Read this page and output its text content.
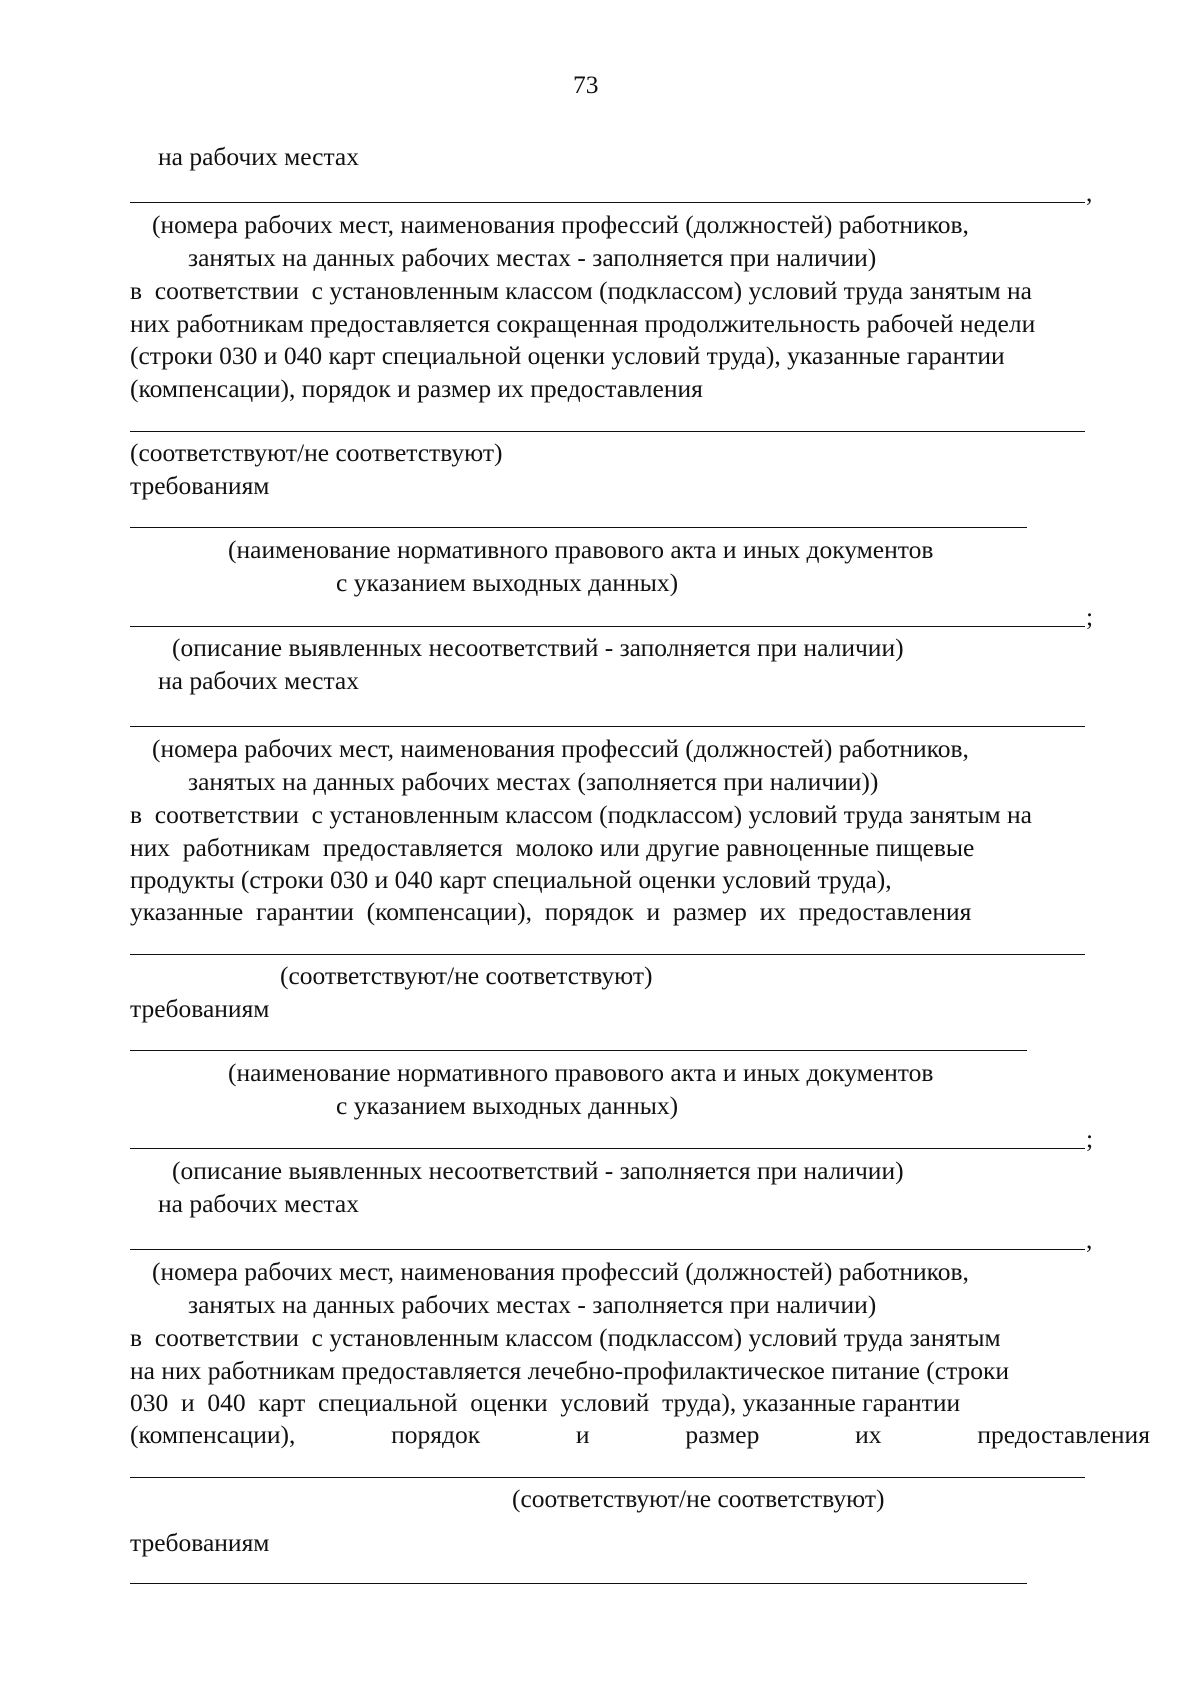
73
на рабочих местах
,
(номера рабочих мест, наименования профессий (должностей) работников,
занятых на данных рабочих местах - заполняется при наличии)
в  соответствии  с установленным классом (подклассом) условий труда занятым на
них работникам предоставляется сокращенная продолжительность рабочей недели
(строки 030 и 040 карт специальной оценки условий труда), указанные гарантии
(компенсации), порядок и размер их предоставления
(соответствуют/не соответствуют)
требованиям
(наименование нормативного правового акта и иных документов
с указанием выходных данных)
;
(описание выявленных несоответствий - заполняется при наличии)
на рабочих местах
(номера рабочих мест, наименования профессий (должностей) работников,
занятых на данных рабочих местах (заполняется при наличии))
в  соответствии  с установленным классом (подклассом) условий труда занятым на
них  работникам  предоставляется  молоко или другие равноценные пищевые
продукты (строки 030 и 040 карт специальной оценки условий труда),
указанные  гарантии  (компенсации),  порядок  и  размер  их  предоставления
(соответствуют/не соответствуют)
требованиям
(наименование нормативного правового акта и иных документов
с указанием выходных данных)
;
(описание выявленных несоответствий - заполняется при наличии)
на рабочих местах
,
(номера рабочих мест, наименования профессий (должностей) работников,
занятых на данных рабочих местах - заполняется при наличии)
в  соответствии  с установленным классом (подклассом) условий труда занятым
на них работникам предоставляется лечебно-профилактическое питание (строки
030  и  040  карт  специальной  оценки  условий  труда), указанные гарантии
(компенсации),	порядок	и	размер	их	предоставления
(соответствуют/не соответствуют)
требованиям
